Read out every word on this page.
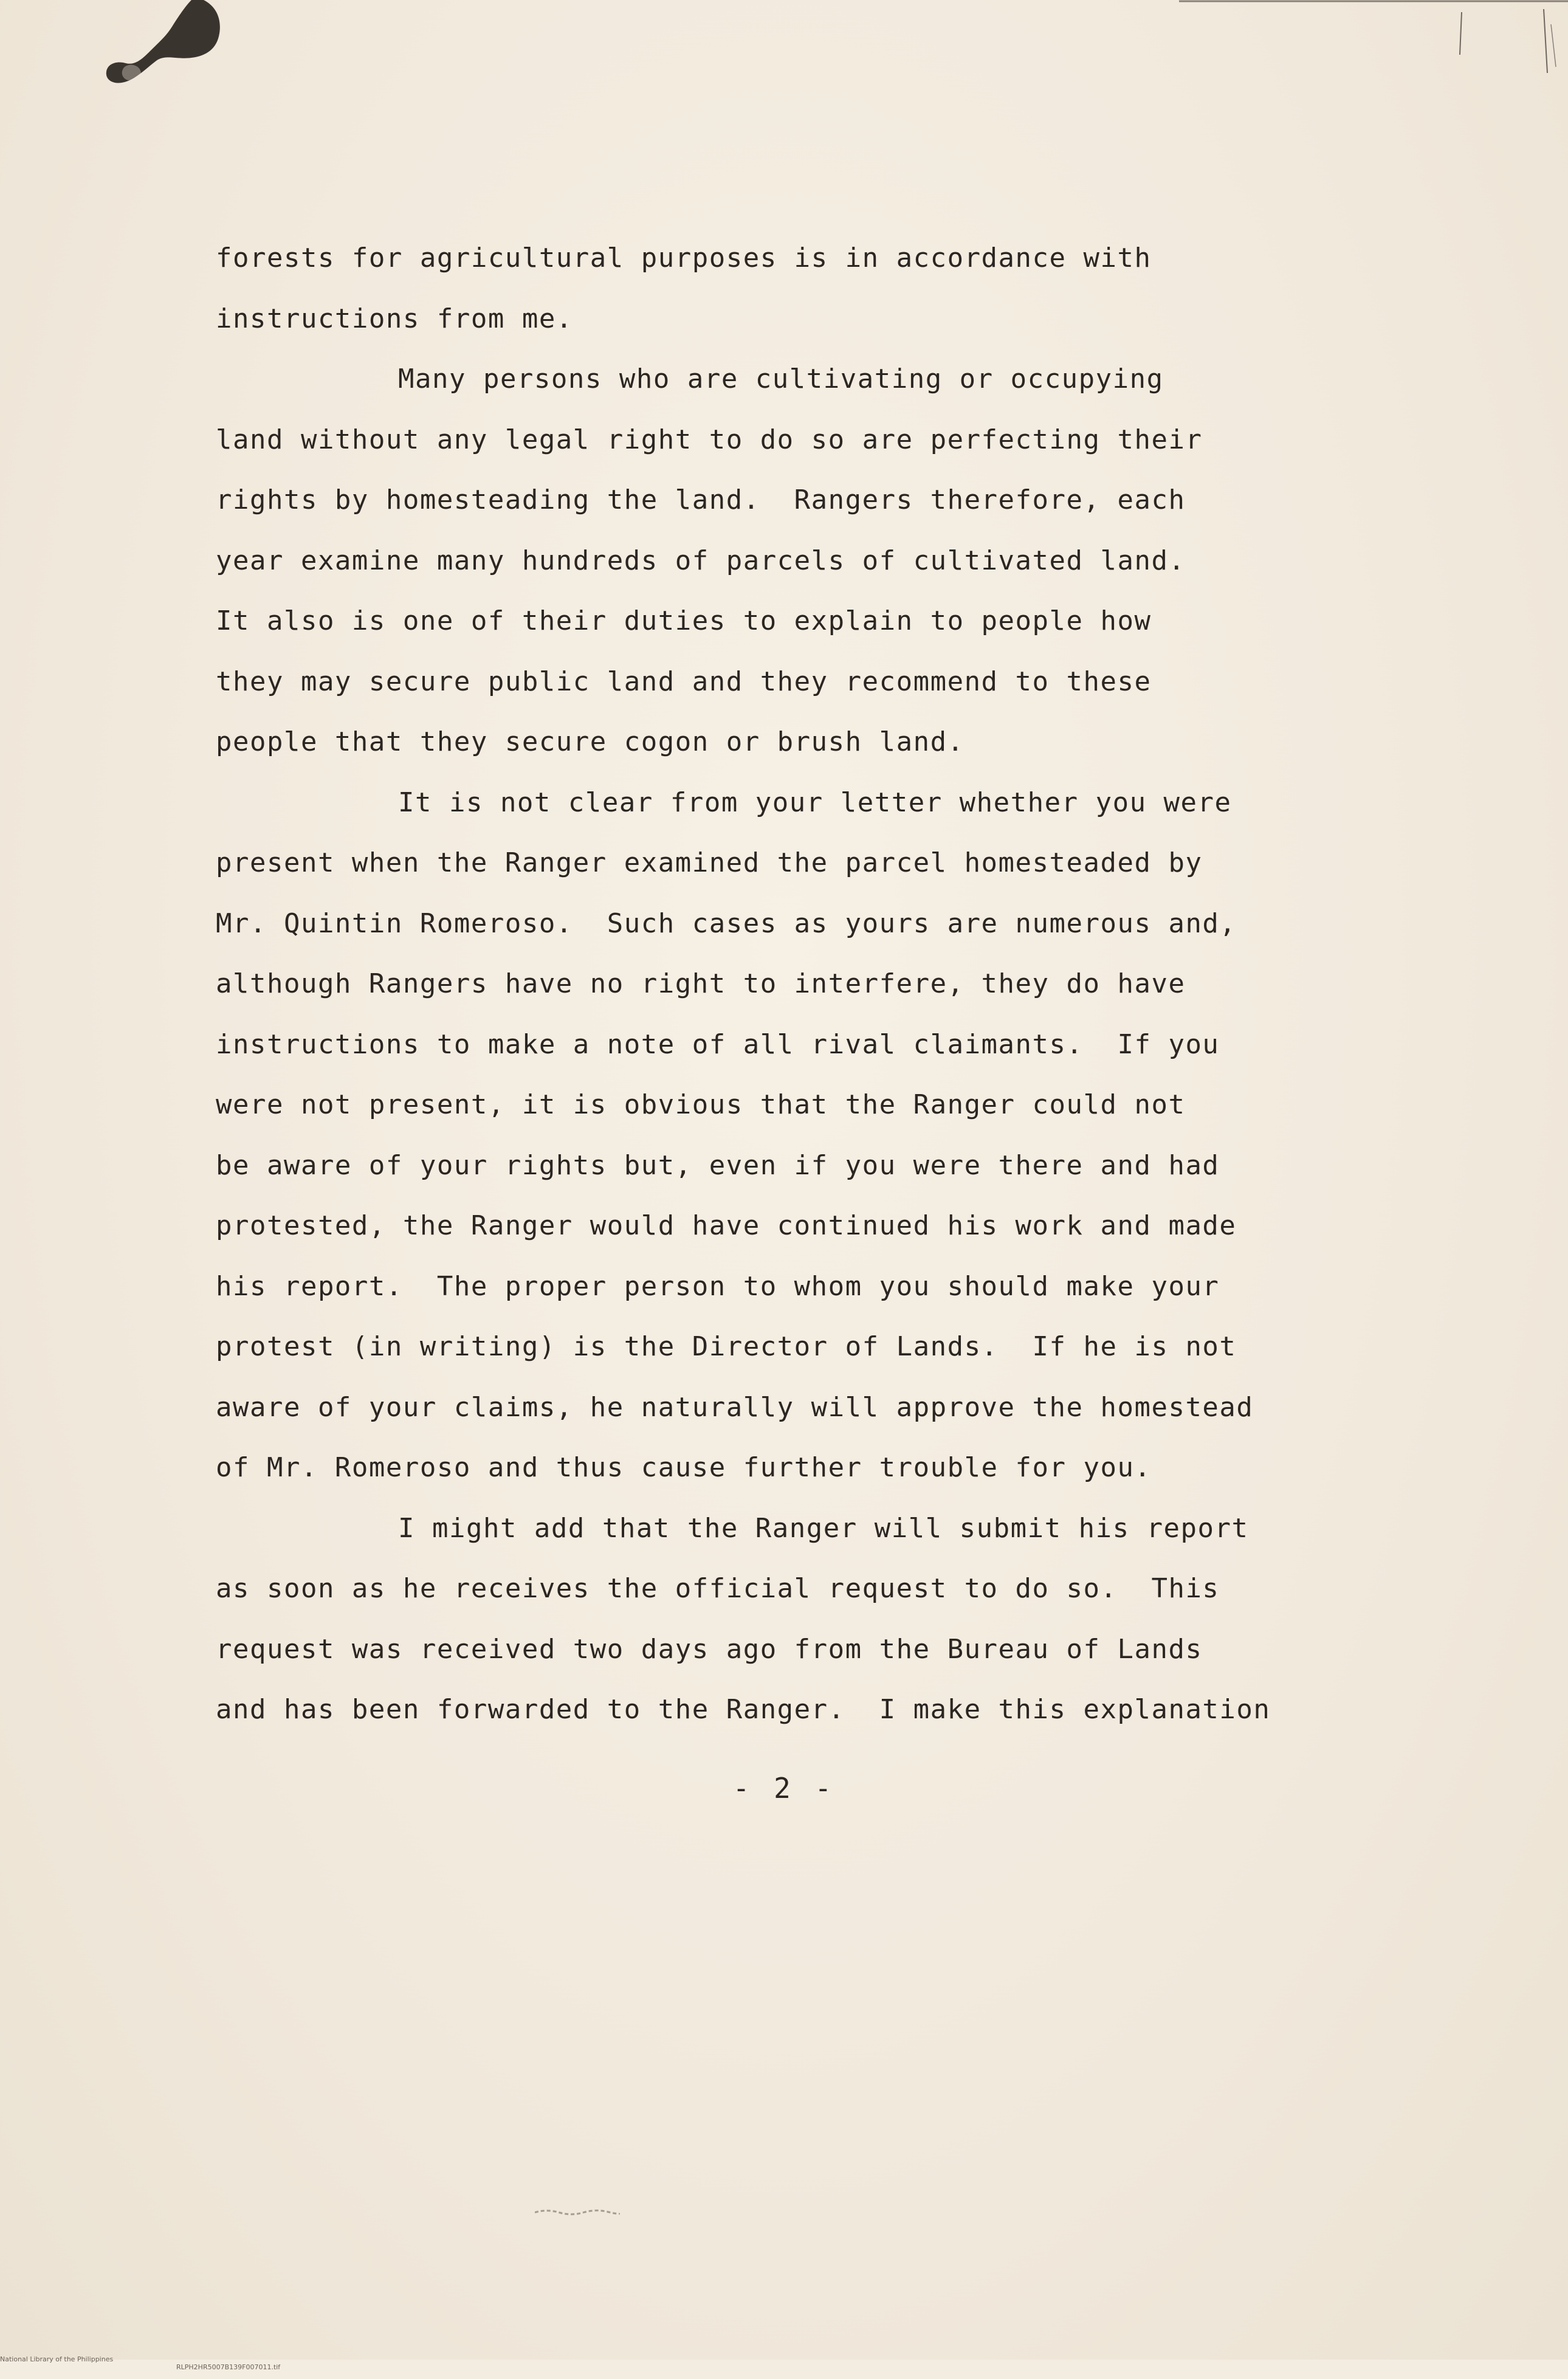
forests for agricultural purposes is in accordance with
instructions from me.
Many persons who are cultivating or occupying
land without any legal right to do so are perfecting their
rights by homesteading the land.  Rangers therefore, each
year examine many hundreds of parcels of cultivated land.
It also is one of their duties to explain to people how
they may secure public land and they recommend to these
people that they secure cogon or brush land.
It is not clear from your letter whether you were
present when the Ranger examined the parcel homesteaded by
Mr. Quintin Romeroso.  Such cases as yours are numerous and,
although Rangers have no right to interfere, they do have
instructions to make a note of all rival claimants.  If you
were not present, it is obvious that the Ranger could not
be aware of your rights but, even if you were there and had
protested, the Ranger would have continued his work and made
his report.  The proper person to whom you should make your
protest (in writing) is the Director of Lands.  If he is not
aware of your claims, he naturally will approve the homestead
of Mr. Romeroso and thus cause further trouble for you.
I might add that the Ranger will submit his report
as soon as he receives the official request to do so.  This
request was received two days ago from the Bureau of Lands
and has been forwarded to the Ranger.  I make this explanation
- 2 -

National Library of the Philippines

RLPH2HR5007B139F007011.tif
